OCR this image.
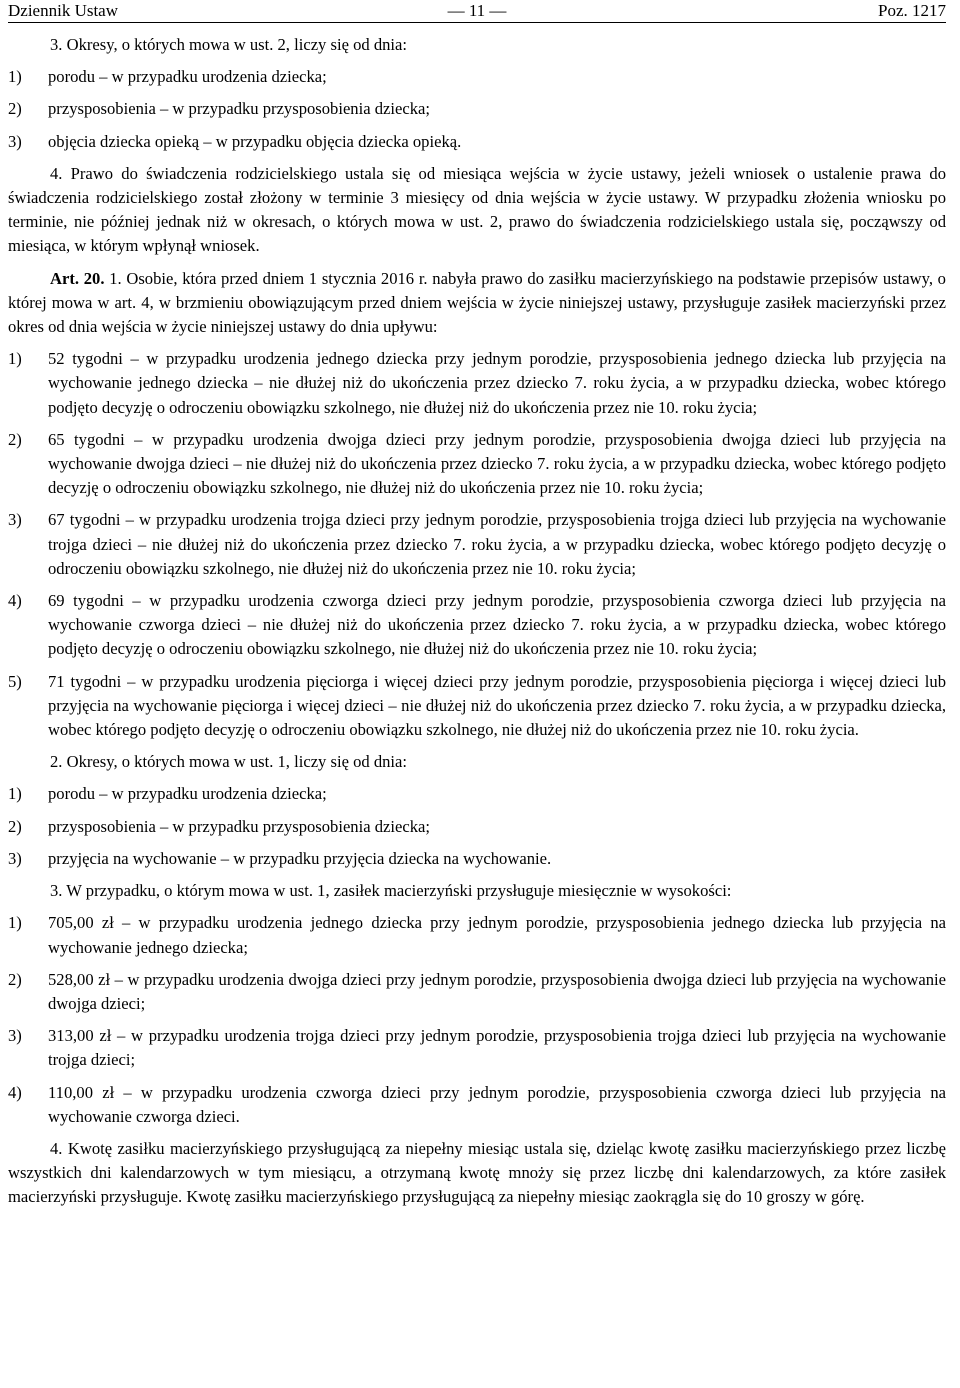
— 11 —
Dziennik Ustaw	Poz. 1217

3. Okresy, o których mowa w ust. 2, liczy się od dnia:

1)	porodu – w przypadku urodzenia dziecka;
2)	przysposobienia – w przypadku przysposobienia dziecka;
3)	objęcia dziecka opieką – w przypadku objęcia dziecka opieką.

4. Prawo do świadczenia rodzicielskiego ustala się od miesiąca wejścia w życie ustawy, jeżeli wniosek o ustalenie prawa do świadczenia rodzicielskiego został złożony w terminie 3 miesięcy od dnia wejścia w życie ustawy. W przypadku złożenia wniosku po terminie, nie później jednak niż w okresach, o których mowa w ust. 2, prawo do świadczenia rodzicielskiego ustala się, począwszy od miesiąca, w którym wpłynął wniosek.

Art. 20. 1. Osobie, która przed dniem 1 stycznia 2016 r. nabyła prawo do zasiłku macierzyńskiego na podstawie przepisów ustawy, o której mowa w art. 4, w brzmieniu obowiązującym przed dniem wejścia w życie niniejszej ustawy, przysługuje zasiłek macierzyński przez okres od dnia wejścia w życie niniejszej ustawy do dnia upływu:

1)	52 tygodni – w przypadku urodzenia jednego dziecka przy jednym porodzie, przysposobienia jednego dziecka lub przyjęcia na wychowanie jednego dziecka – nie dłużej niż do ukończenia przez dziecko 7. roku życia, a w przypadku dziecka, wobec którego podjęto decyzję o odroczeniu obowiązku szkolnego, nie dłużej niż do ukończenia przez nie 10. roku życia;
2)	65 tygodni – w przypadku urodzenia dwojga dzieci przy jednym porodzie, przysposobienia dwojga dzieci lub przyjęcia na wychowanie dwojga dzieci – nie dłużej niż do ukończenia przez dziecko 7. roku życia, a w przypadku dziecka, wobec którego podjęto decyzję o odroczeniu obowiązku szkolnego, nie dłużej niż do ukończenia przez nie 10. roku życia;
3)	67 tygodni – w przypadku urodzenia trojga dzieci przy jednym porodzie, przysposobienia trojga dzieci lub przyjęcia na wychowanie trojga dzieci – nie dłużej niż do ukończenia przez dziecko 7. roku życia, a w przypadku dziecka, wobec którego podjęto decyzję o odroczeniu obowiązku szkolnego, nie dłużej niż do ukończenia przez nie 10. roku życia;
4)	69 tygodni – w przypadku urodzenia czworga dzieci przy jednym porodzie, przysposobienia czworga dzieci lub przyjęcia na wychowanie czworga dzieci – nie dłużej niż do ukończenia przez dziecko 7. roku życia, a w przypadku dziecka, wobec którego podjęto decyzję o odroczeniu obowiązku szkolnego, nie dłużej niż do ukończenia przez nie 10. roku życia;
5)	71 tygodni – w przypadku urodzenia pięciorga i więcej dzieci przy jednym porodzie, przysposobienia pięciorga i więcej dzieci lub przyjęcia na wychowanie pięciorga i więcej dzieci – nie dłużej niż do ukończenia przez dziecko 7. roku życia, a w przypadku dziecka, wobec którego podjęto decyzję o odroczeniu obowiązku szkolnego, nie dłużej niż do ukończenia przez nie 10. roku życia.

2. Okresy, o których mowa w ust. 1, liczy się od dnia:

1)	porodu – w przypadku urodzenia dziecka;
2)	przysposobienia – w przypadku przysposobienia dziecka;
3)	przyjęcia na wychowanie – w przypadku przyjęcia dziecka na wychowanie.

3. W przypadku, o którym mowa w ust. 1, zasiłek macierzyński przysługuje miesięcznie w wysokości:

1)	705,00 zł – w przypadku urodzenia jednego dziecka przy jednym porodzie, przysposobienia jednego dziecka lub przyjęcia na wychowanie jednego dziecka;
2)	528,00 zł – w przypadku urodzenia dwojga dzieci przy jednym porodzie, przysposobienia dwojga dzieci lub przyjęcia na wychowanie dwojga dzieci;
3)	313,00 zł – w przypadku urodzenia trojga dzieci przy jednym porodzie, przysposobienia trojga dzieci lub przyjęcia na wychowanie trojga dzieci;
4)	110,00 zł – w przypadku urodzenia czworga dzieci przy jednym porodzie, przysposobienia czworga dzieci lub przyjęcia na wychowanie czworga dzieci.

4. Kwotę zasiłku macierzyńskiego przysługującą za niepełny miesiąc ustala się, dzieląc kwotę zasiłku macierzyńskiego przez liczbę wszystkich dni kalendarzowych w tym miesiącu, a otrzymaną kwotę mnoży się przez liczbę dni kalendarzowych, za które zasiłek macierzyński przysługuje. Kwotę zasiłku macierzyńskiego przysługującą za niepełny miesiąc zaokrągla się do 10 groszy w górę.
